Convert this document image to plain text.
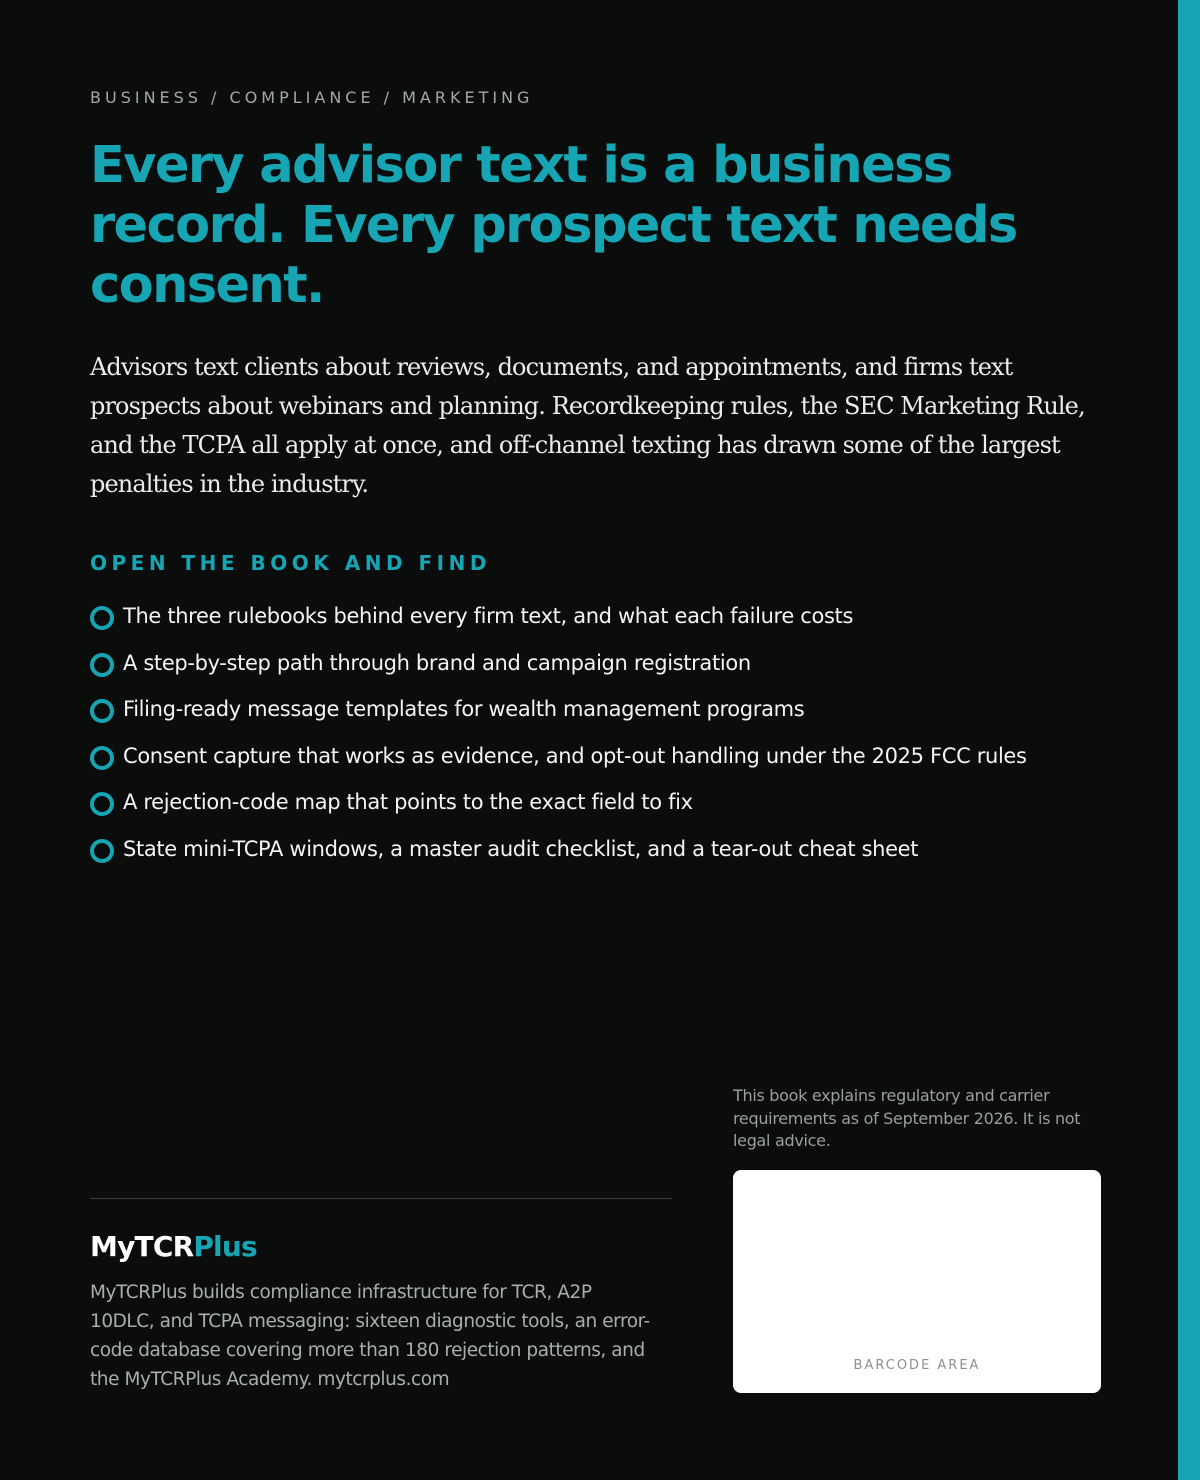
BUSINESS / COMPLIANCE / MARKETING
Every advisor text is a business record. Every prospect text needs consent.

Advisors text clients about reviews, documents, and appointments, and firms text prospects about webinars and planning. Recordkeeping rules, the SEC Marketing Rule, and the TCPA all apply at once, and off-channel texting has drawn some of the largest penalties in the industry.

OPEN THE BOOK AND FIND
The three rulebooks behind every firm text, and what each failure costs
A step-by-step path through brand and campaign registration
Filing-ready message templates for wealth management programs
Consent capture that works as evidence, and opt-out handling under the 2025 FCC rules
A rejection-code map that points to the exact field to fix
State mini-TCPA windows, a master audit checklist, and a tear-out cheat sheet

This book explains regulatory and carrier requirements as of September 2026. It is not legal advice.

BARCODE AREA
MyTCRPlus

MyTCRPlus builds compliance infrastructure for TCR, A2P 10DLC, and TCPA messaging: sixteen diagnostic tools, an error-code database covering more than 180 rejection patterns, and the MyTCRPlus Academy. mytcrplus.com
